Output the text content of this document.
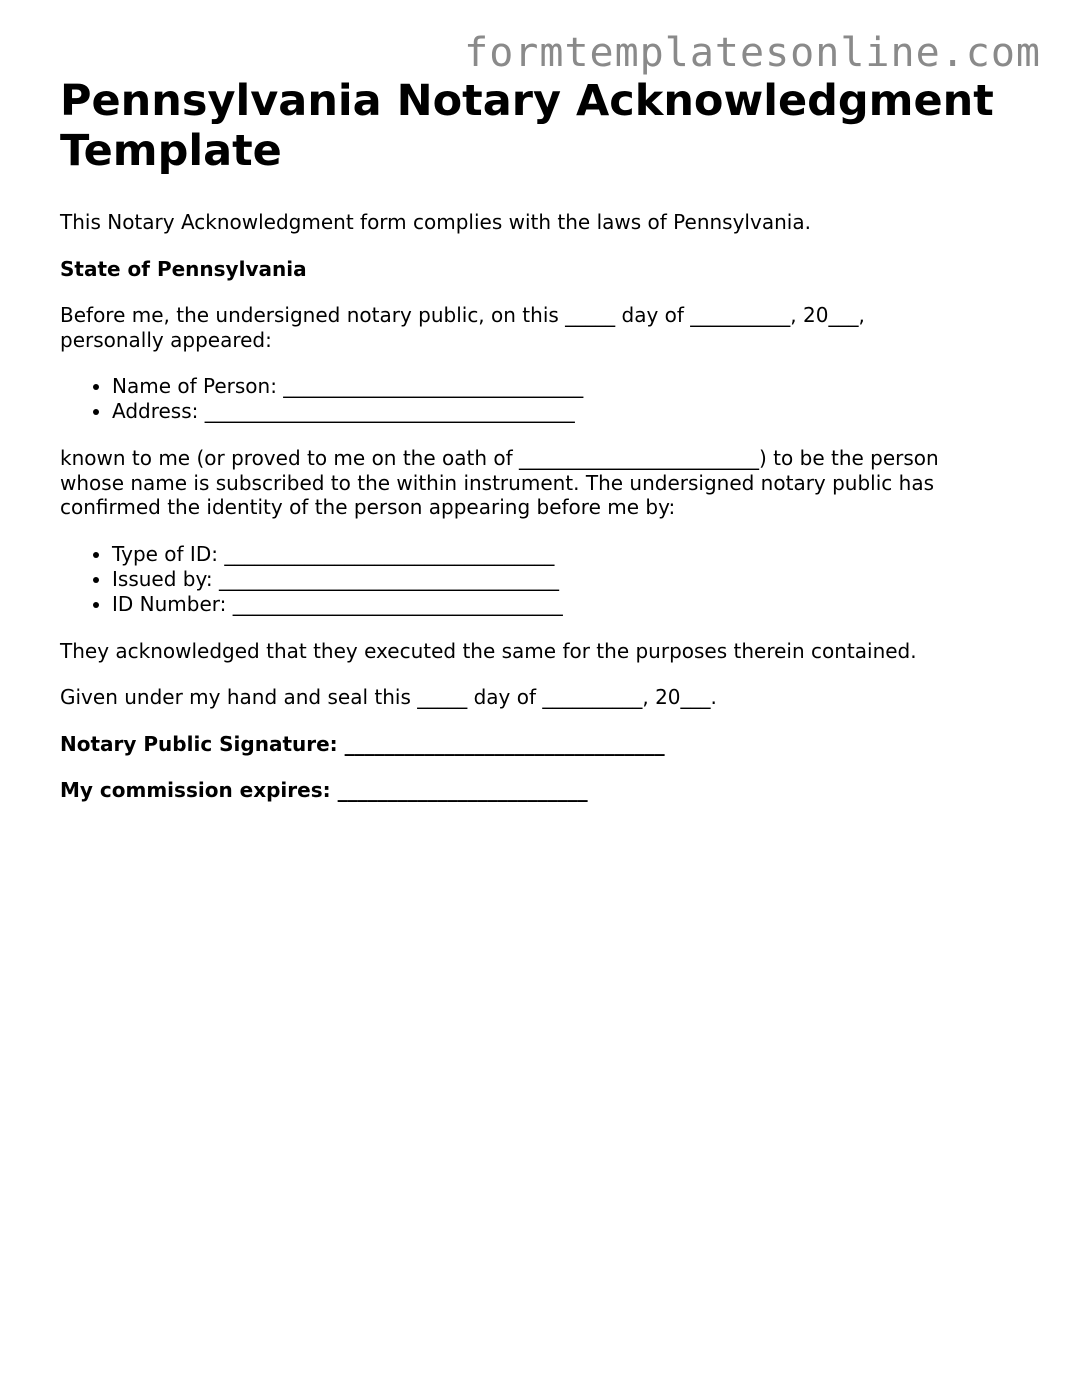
formtemplatesonline.com
Pennsylvania Notary Acknowledgment Template

This Notary Acknowledgment form complies with the laws of Pennsylvania.

State of Pennsylvania

Before me, the undersigned notary public, on this _____ day of __________, 20___,
personally appeared:

• Name of Person: ______________________________
• Address: _____________________________________

known to me (or proved to me on the oath of ________________________) to be the person
whose name is subscribed to the within instrument. The undersigned notary public has
confirmed the identity of the person appearing before me by:

• Type of ID: _________________________________
• Issued by: __________________________________
• ID Number: _________________________________

They acknowledged that they executed the same for the purposes therein contained.

Given under my hand and seal this _____ day of __________, 20___.

Notary Public Signature: ________________________________

My commission expires: _________________________
